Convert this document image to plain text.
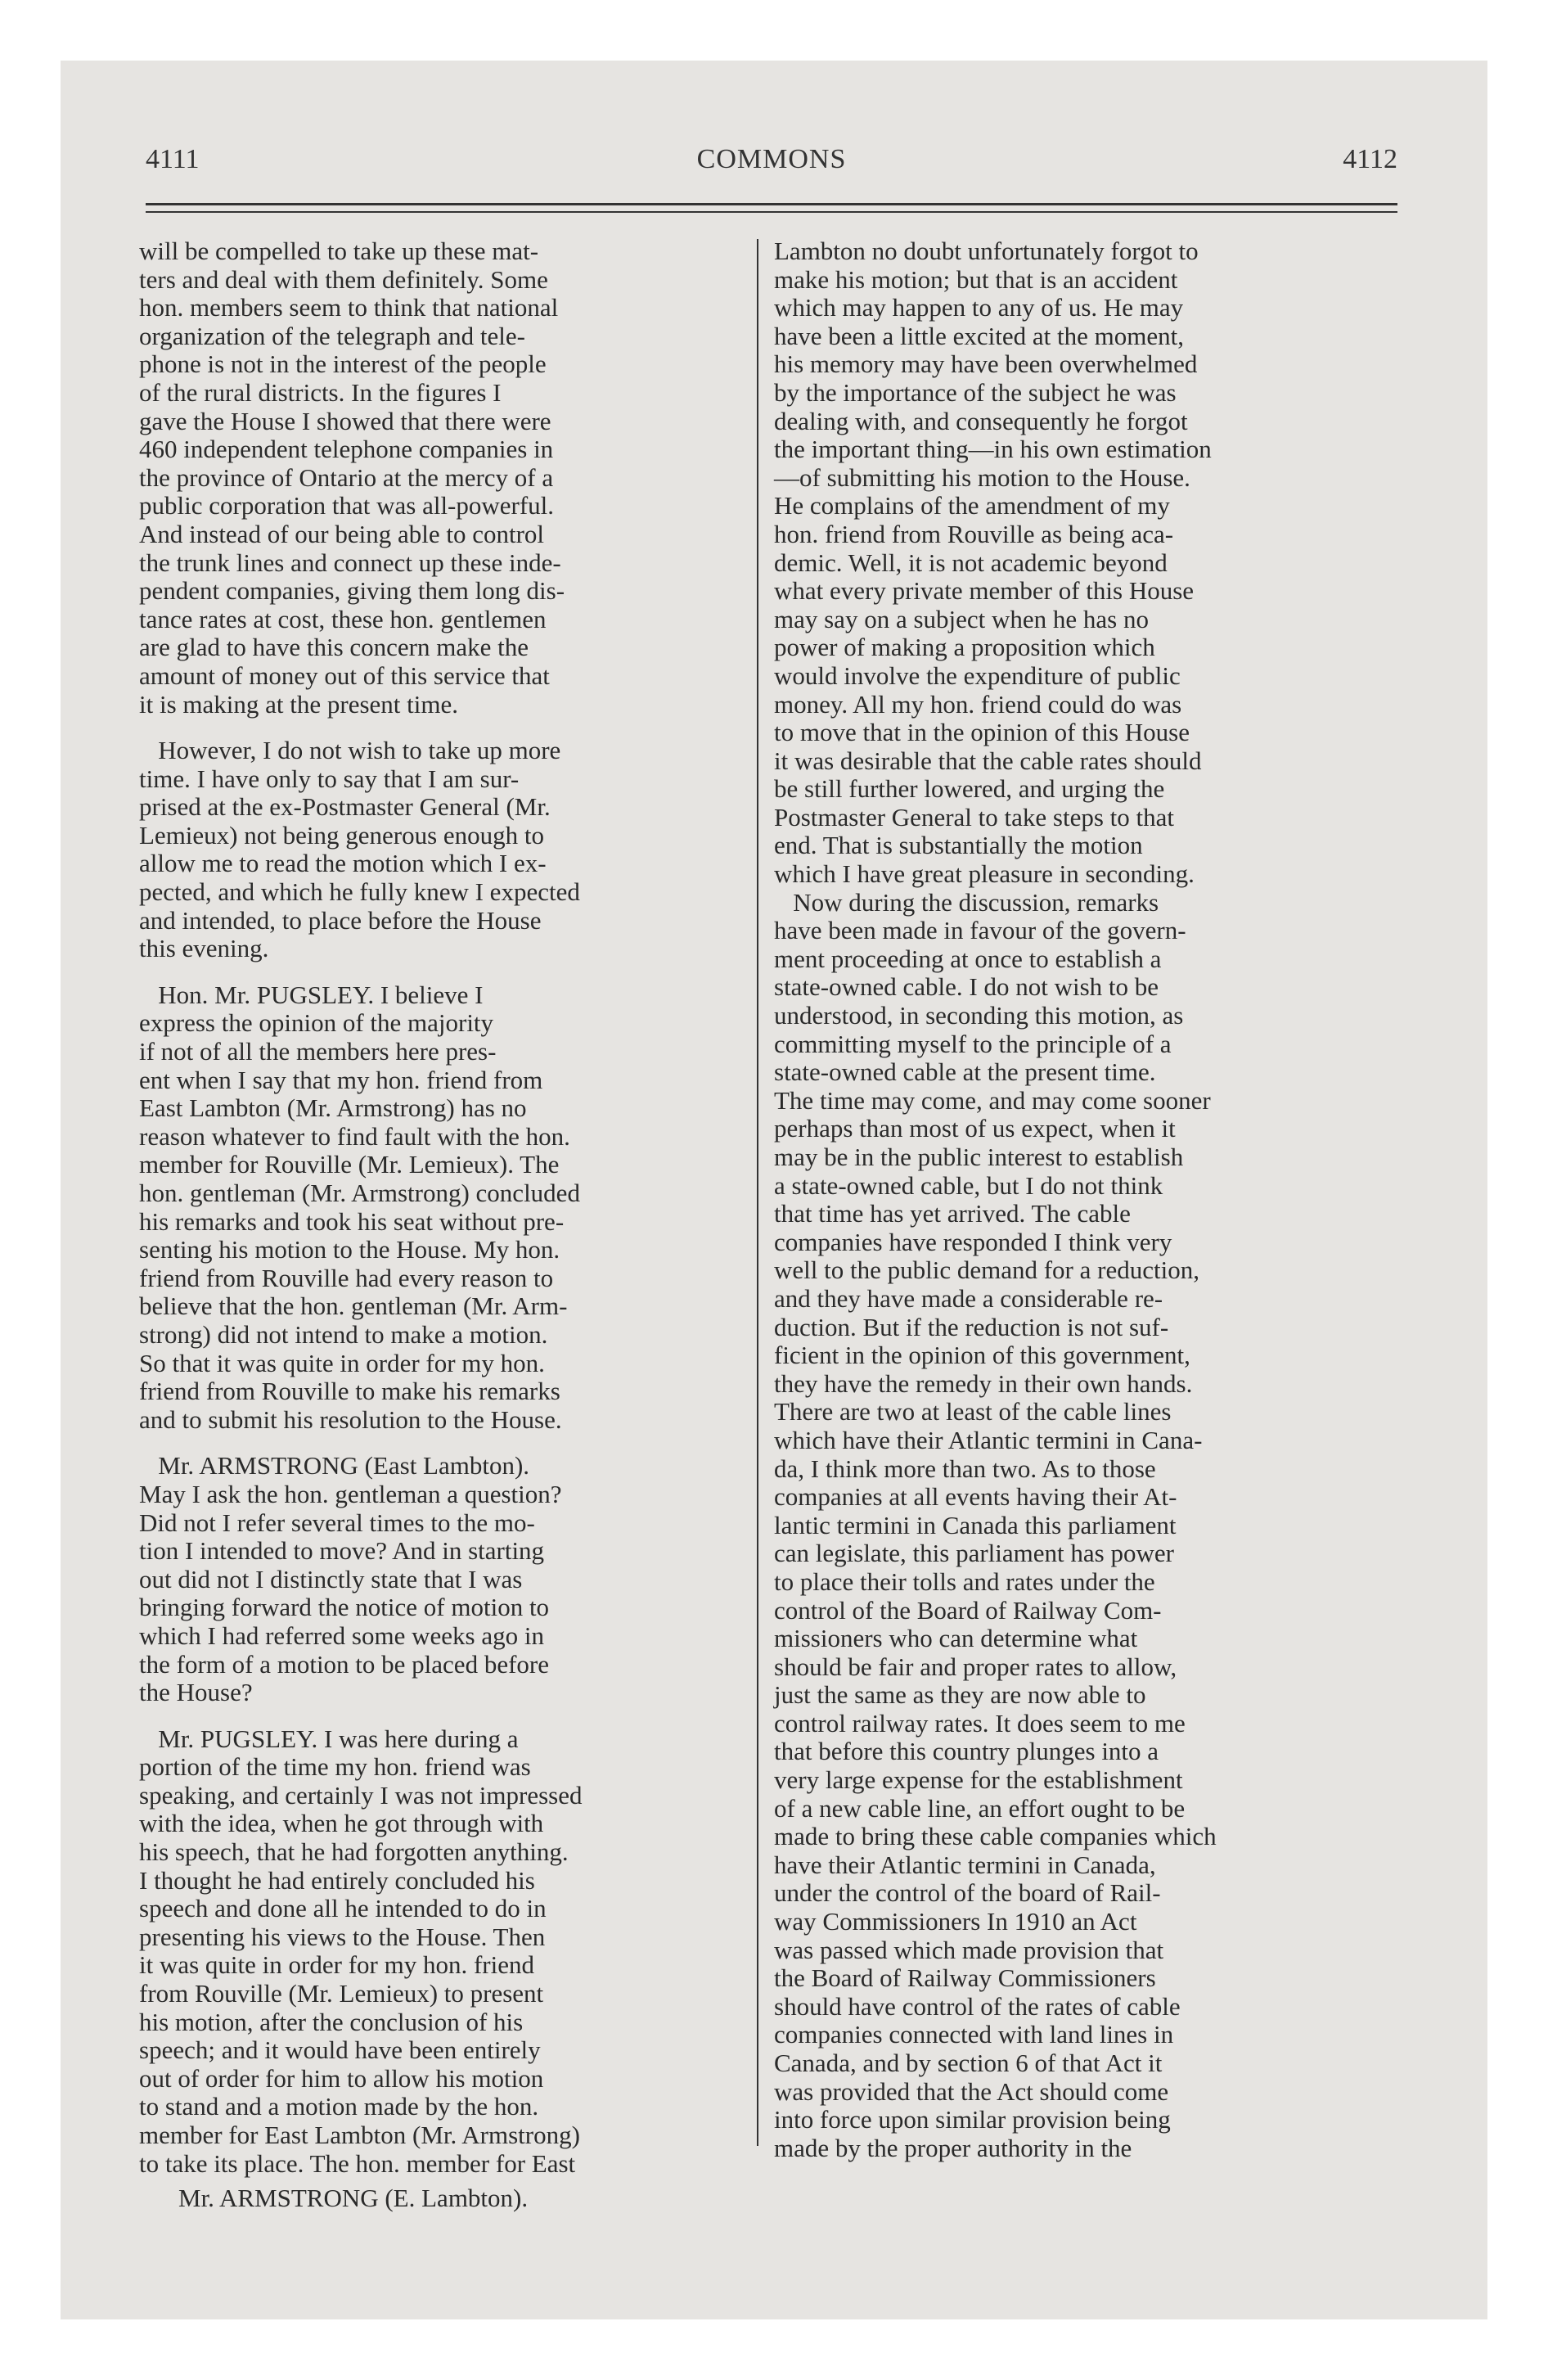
4111	COMMONS	4112

will be compelled to take up these mat-

ters and deal with them definitely. Some

hon. members seem to think that national

organization of the telegraph and tele-

phone is not in the interest of the people

of the rural districts. In the figures I

gave the House I showed that there were

460 independent telephone companies in

the province of Ontario at the mercy of a

public corporation that was all-powerful.

And instead of our being able to control

the trunk lines and connect up these inde-

pendent companies, giving them long dis-

tance rates at cost, these hon. gentlemen

are glad to have this concern make the

amount of money out of this service that

it is making at the present time.

However, I do not wish to take up more

time. I have only to say that I am sur-

prised at the ex-Postmaster General (Mr.

Lemieux) not being generous enough to

allow me to read the motion which I ex-

pected, and which he fully knew I expected

and intended, to place before the House

this evening.

Hon. Mr. PUGSLEY. I believe I

express the opinion of the majority

if not of all the members here pres-

ent when I say that my hon. friend from

East Lambton (Mr. Armstrong) has no

reason whatever to find fault with the hon.

member for Rouville (Mr. Lemieux). The

hon. gentleman (Mr. Armstrong) concluded

his remarks and took his seat without pre-

senting his motion to the House. My hon.

friend from Rouville had every reason to

believe that the hon. gentleman (Mr. Arm-

strong) did not intend to make a motion.

So that it was quite in order for my hon.

friend from Rouville to make his remarks

and to submit his resolution to the House.

Mr. ARMSTRONG (East Lambton).

May I ask the hon. gentleman a question?

Did not I refer several times to the mo-

tion I intended to move? And in starting

out did not I distinctly state that I was

bringing forward the notice of motion to

which I had referred some weeks ago in

the form of a motion to be placed before

the House?

Mr. PUGSLEY. I was here during a

portion of the time my hon. friend was

speaking, and certainly I was not impressed

with the idea, when he got through with

his speech, that he had forgotten anything.

I thought he had entirely concluded his

speech and done all he intended to do in

presenting his views to the House. Then

it was quite in order for my hon. friend

from Rouville (Mr. Lemieux) to present

his motion, after the conclusion of his

speech; and it would have been entirely

out of order for him to allow his motion

to stand and a motion made by the hon.

member for East Lambton (Mr. Armstrong)

to take its place. The hon. member for East

Lambton no doubt unfortunately forgot to

make his motion; but that is an accident

which may happen to any of us. He may

have been a little excited at the moment,

his memory may have been overwhelmed

by the importance of the subject he was

dealing with, and consequently he forgot

the important thing—in his own estimation

—of submitting his motion to the House.

He complains of the amendment of my

hon. friend from Rouville as being aca-

demic. Well, it is not academic beyond

what every private member of this House

may say on a subject when he has no

power of making a proposition which

would involve the expenditure of public

money. All my hon. friend could do was

to move that in the opinion of this House

it was desirable that the cable rates should

be still further lowered, and urging the

Postmaster General to take steps to that

end. That is substantially the motion

which I have great pleasure in seconding.

Now during the discussion, remarks

have been made in favour of the govern-

ment proceeding at once to establish a

state-owned cable. I do not wish to be

understood, in seconding this motion, as

committing myself to the principle of a

state-owned cable at the present time.

The time may come, and may come sooner

perhaps than most of us expect, when it

may be in the public interest to establish

a state-owned cable, but I do not think

that time has yet arrived. The cable

companies have responded I think very

well to the public demand for a reduction,

and they have made a considerable re-

duction. But if the reduction is not suf-

ficient in the opinion of this government,

they have the remedy in their own hands.

There are two at least of the cable lines

which have their Atlantic termini in Cana-

da, I think more than two. As to those

companies at all events having their At-

lantic termini in Canada this parliament

can legislate, this parliament has power

to place their tolls and rates under the

control of the Board of Railway Com-

missioners who can determine what

should be fair and proper rates to allow,

just the same as they are now able to

control railway rates. It does seem to me

that before this country plunges into a

very large expense for the establishment

of a new cable line, an effort ought to be

made to bring these cable companies which

have their Atlantic termini in Canada,

under the control of the board of Rail-

way Commissioners In 1910 an Act

was passed which made provision that

the Board of Railway Commissioners

should have control of the rates of cable

companies connected with land lines in

Canada, and by section 6 of that Act it

was provided that the Act should come

into force upon similar provision being

made by the proper authority in the

Mr. ARMSTRONG (E. Lambton).
